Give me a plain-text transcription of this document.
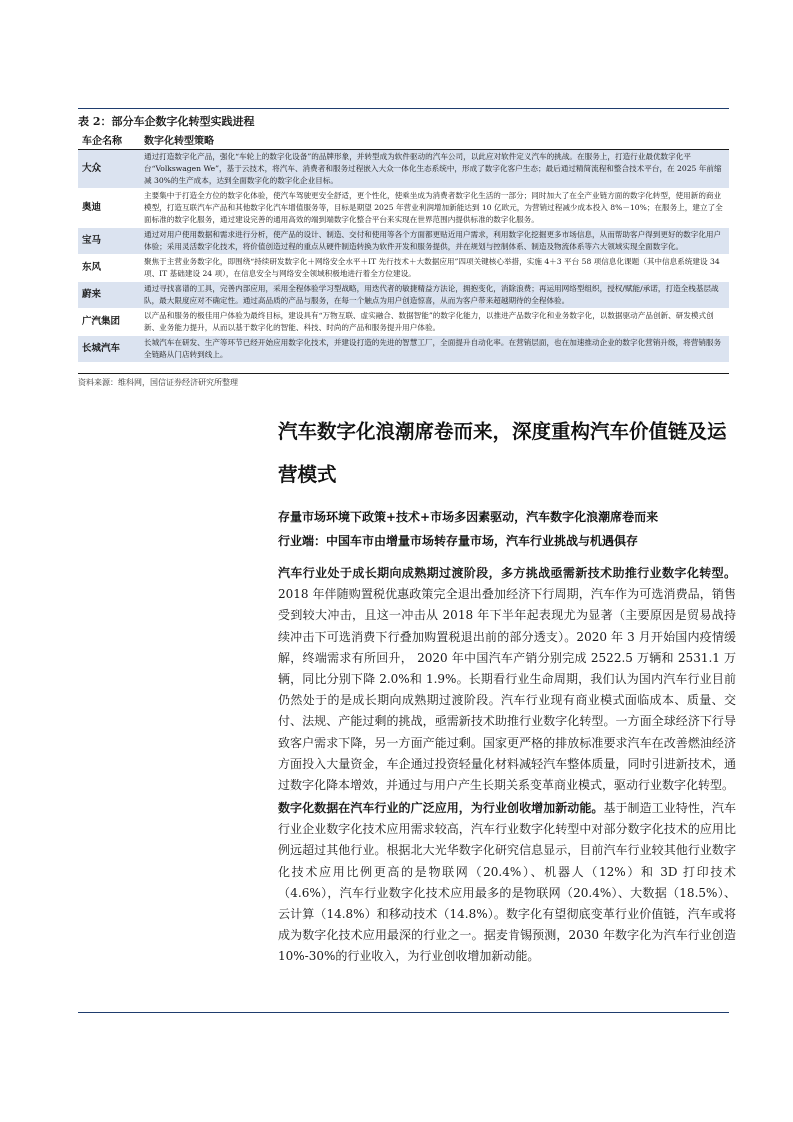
表 2：部分车企数字化转型实践进程
车企名称	数字化转型策略
大众	通过打造数字化产品，强化“车轮上的数字化设备”的品牌形象，并转型成为软件驱动的汽车公司，以此应对软件定义汽车的挑战。在服务上，打造行业最优数字化平台“Volkswagen We”，基于云技术，将汽车、消费者和服务过程嵌入大众一体化生态系统中，形成了数字化客户生态；最后通过精简流程和整合技术平台，在 2025 年前缩减 30%的生产成本，达到全面数字化的数字化企业目标。
奥迪	主要集中于打造全方位的数字化体验，使汽车驾驶更安全舒适，更个性化，使乘坐成为消费者数字化生活的一部分；同时加大了在全产业链方面的数字化转型，使用新的商业模型，打造互联汽车产品和其他数字化汽车增值服务等，目标是期望 2025 年营业利润增加新能达到 10 亿欧元，为营销过程减少成本投入 8%－10%；在服务上，建立了全面标准的数字化服务，通过建设完善的通用高效的端到端数字化整合平台来实现在世界范围内提供标准的数字化服务。
宝马	通过对用户使用数据和需求进行分析，使产品的设计、制造、交付和使用等各个方面都更贴近用户需求，利用数字化挖掘更多市场信息，从而帮助客户得到更好的数字化用户体验；采用灵活数字化技术，将价值创造过程的重点从硬件制造转换为软件开发和服务提供，并在规划与控制体系、制造及物流体系等六大领域实现全面数字化。
东风	聚焦于主营业务数字化，即围绕“持续研发数字化＋网络安全水平＋IT 先行技术＋大数据应用”四项关键核心举措，实施 4＋3 平台 58 项信息化课题（其中信息系统建设 34 项、IT 基础建设 24 项），在信息安全与网络安全领域积极地进行着全方位建设。
蔚来	通过寻找喜谱的工具，完善内部应用，采用全程体验学习型战略，用迭代者的敏捷精益方法论，拥抱变化，消除浪费；再运用网络型组织，授权/赋能/承诺，打造全栈基层战队，最大限度应对不确定性。通过高品质的产品与服务，在每一个触点为用户创造惊喜，从而为客户带来超越期待的全程体验。
广汽集团	以产品和服务的极佳用户体验为最终目标，建设具有“万物互联、虚实融合、数据智能”的数字化能力，以推进产品数字化和业务数字化，以数据驱动产品创新、研发模式创新、业务能力提升，从而以基于数字化的智能、科技、时尚的产品和服务提升用户体验。
长城汽车	长城汽车在研发、生产等环节已经开始应用数字化技术，并建设打造的先进的智慧工厂，全面提升自动化率。在营销层面，也在加速推动企业的数字化营销升级，将营销服务全链路从门店转到线上。
资料来源：维科网，国信证券经济研究所整理
汽车数字化浪潮席卷而来，深度重构汽车价值链及运
营模式
存量市场环境下政策+技术+市场多因素驱动，汽车数字化浪潮席卷而来
行业端：中国车市由增量市场转存量市场，汽车行业挑战与机遇俱存

汽车行业处于成长期向成熟期过渡阶段，多方挑战亟需新技术助推行业数字化转型。2018 年伴随购置税优惠政策完全退出叠加经济下行周期，汽车作为可选消费品，销售受到较大冲击，且这一冲击从 2018 年下半年起表现尤为显著（主要原因是贸易战持续冲击下可选消费下行叠加购置税退出前的部分透支）。2020 年 3 月开始国内疫情缓解，终端需求有所回升， 2020 年中国汽车产销分别完成 2522.5 万辆和 2531.1 万辆，同比分别下降 2.0%和 1.9%。长期看行业生命周期，我们认为国内汽车行业目前仍然处于的是成长期向成熟期过渡阶段。汽车行业现有商业模式面临成本、质量、交付、法规、产能过剩的挑战，亟需新技术助推行业数字化转型。一方面全球经济下行导致客户需求下降，另一方面产能过剩。国家更严格的排放标准要求汽车在改善燃油经济方面投入大量资金，车企通过投资轻量化材料减轻汽车整体质量，同时引进新技术，通过数字化降本增效，并通过与用户产生长期关系变革商业模式，驱动行业数字化转型。

数字化数据在汽车行业的广泛应用，为行业创收增加新动能。基于制造工业特性，汽车行业企业数字化技术应用需求较高，汽车行业数字化转型中对部分数字化技术的应用比例远超过其他行业。根据北大光华数字化研究信息显示，目前汽车行业较其他行业数字化技术应用比例更高的是物联网（20.4%）、机器人（12%）和 3D 打印技术（4.6%），汽车行业数字化技术应用最多的是物联网（20.4%）、大数据（18.5%）、云计算（14.8%）和移动技术（14.8%）。数字化有望彻底变革行业价值链，汽车或将成为数字化技术应用最深的行业之一。据麦肯锡预测，2030 年数字化为汽车行业创造 10%-30%的行业收入，为行业创收增加新动能。
